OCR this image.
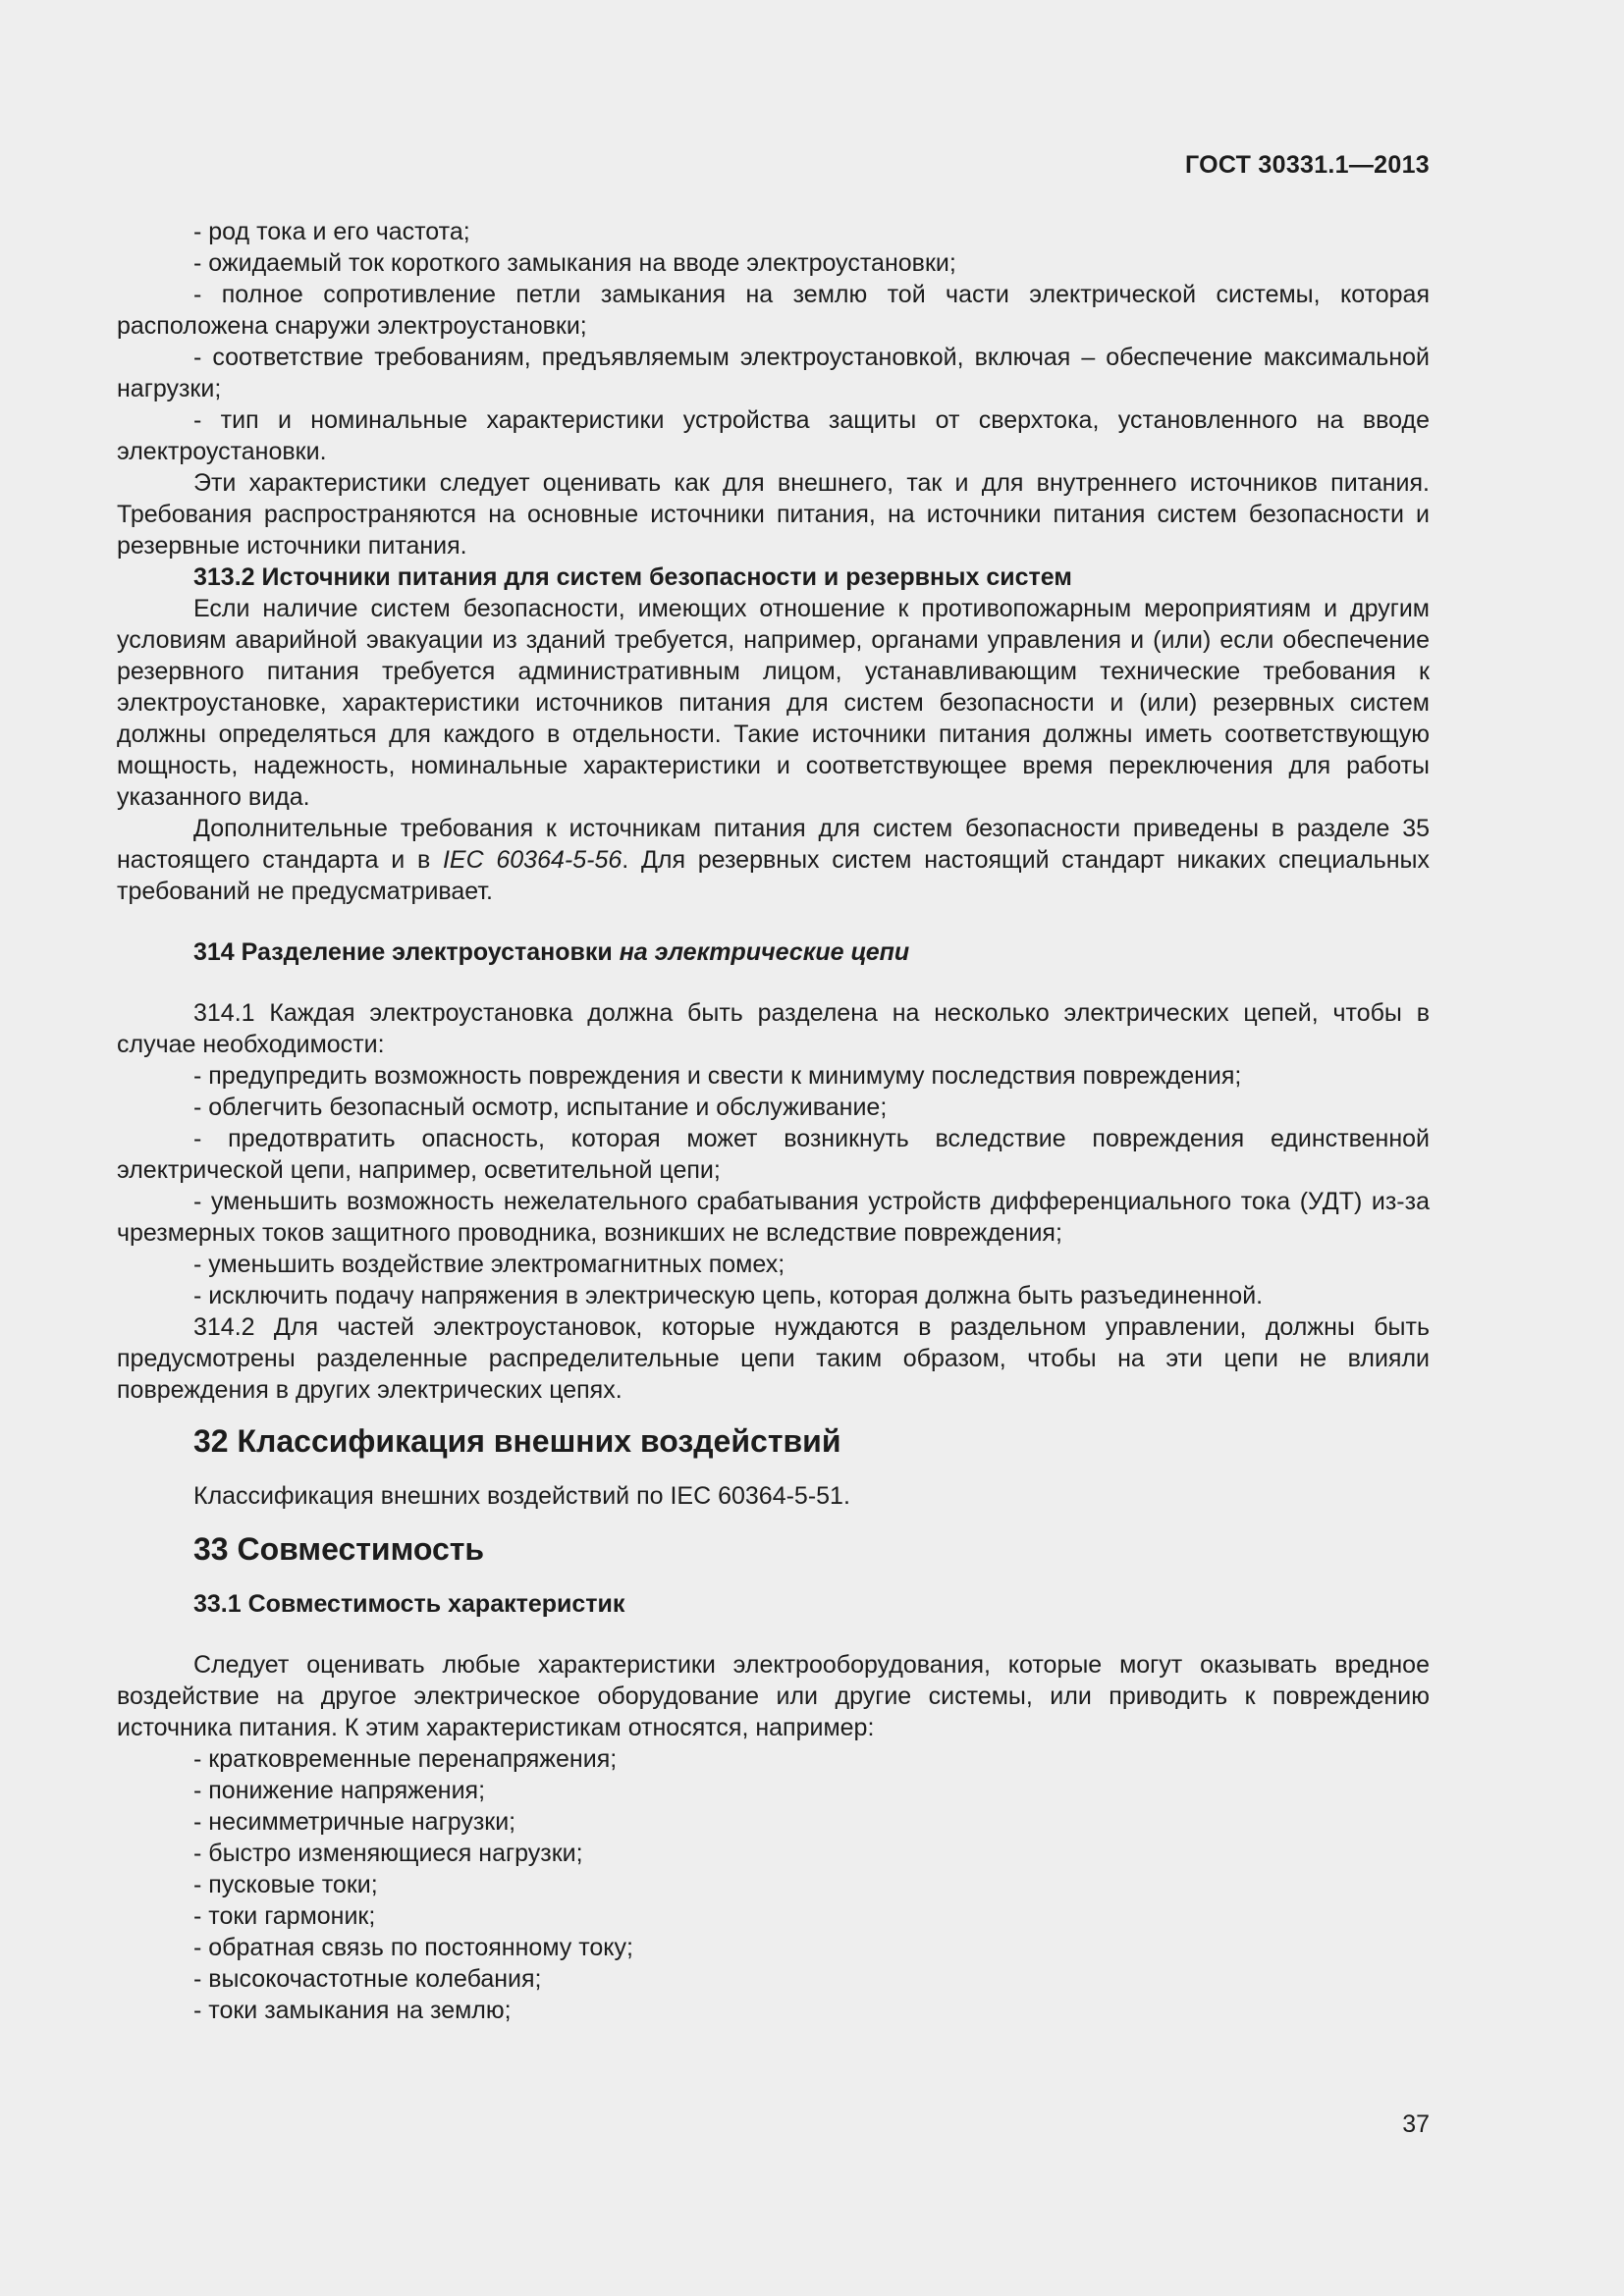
ГОСТ 30331.1—2013

- род тока и его частота;

- ожидаемый ток короткого замыкания на вводе электроустановки;

- полное сопротивление петли замыкания на землю той части электрической системы, которая расположена снаружи электроустановки;

- соответствие требованиям, предъявляемым электроустановкой, включая – обеспечение максимальной нагрузки;

- тип и номинальные характеристики устройства защиты от сверхтока, установленного на вводе электроустановки.

Эти характеристики следует оценивать как для внешнего, так и для внутреннего источников питания. Требования распространяются на основные источники питания, на источники питания систем безопасности и резервные источники питания.

313.2 Источники питания для систем безопасности и резервных систем

Если наличие систем безопасности, имеющих отношение к противопожарным мероприятиям и другим условиям аварийной эвакуации из зданий требуется, например, органами управления и (или) если обеспечение резервного питания требуется административным лицом, устанавливающим технические требования к электроустановке, характеристики источников питания для систем безопасности и (или) резервных систем должны определяться для каждого в отдельности. Такие источники питания должны иметь соответствующую мощность, надежность, номинальные характеристики и соответствующее время переключения для работы указанного вида.

Дополнительные требования к источникам питания для систем безопасности приведены в разделе 35 настоящего стандарта и в IEC 60364-5-56. Для резервных систем настоящий стандарт никаких специальных требований не предусматривает.

314 Разделение электроустановки на электрические цепи

314.1 Каждая электроустановка должна быть разделена на несколько электрических цепей, чтобы в случае необходимости:

- предупредить возможность повреждения и свести к минимуму последствия повреждения;

- облегчить безопасный осмотр, испытание и обслуживание;

- предотвратить опасность, которая может возникнуть вследствие повреждения единственной электрической цепи, например, осветительной цепи;

- уменьшить возможность нежелательного срабатывания устройств дифференциального тока (УДТ) из-за чрезмерных токов защитного проводника, возникших не вследствие повреждения;

- уменьшить воздействие электромагнитных помех;

- исключить подачу напряжения в электрическую цепь, которая должна быть разъединенной.

314.2 Для частей электроустановок, которые нуждаются в раздельном управлении, должны быть предусмотрены разделенные распределительные цепи таким образом, чтобы на эти цепи не влияли повреждения в других электрических цепях.

32 Классификация внешних воздействий

Классификация внешних воздействий по IEC 60364-5-51.

33 Совместимость
33.1 Совместимость характеристик

Следует оценивать любые характеристики электрооборудования, которые могут оказывать вредное воздействие на другое электрическое оборудование или другие системы, или приводить к повреждению источника питания. К этим характеристикам относятся, например:

- кратковременные перенапряжения;

- понижение напряжения;

- несимметричные нагрузки;

- быстро изменяющиеся нагрузки;

- пусковые токи;

- токи гармоник;

- обратная связь по постоянному току;

- высокочастотные колебания;

- токи замыкания на землю;

37
